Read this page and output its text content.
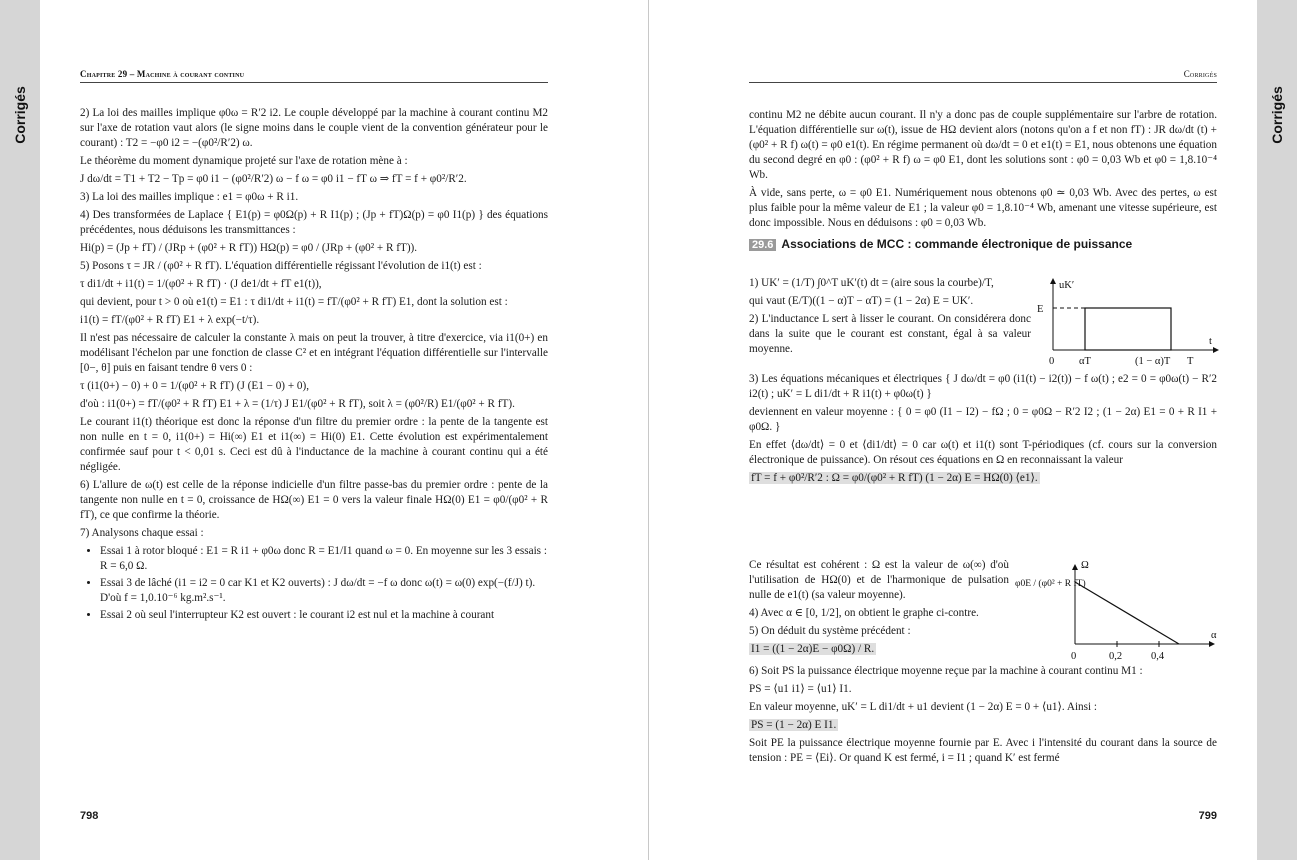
Corrigés
Chapitre 29 – Machine à courant continu

2) La loi des mailles implique φ0ω = R′2 i2. Le couple développé par la machine à courant continu M2 sur l'axe de rotation vaut alors (le signe moins dans le couple vient de la convention générateur pour le courant) : T2 = −φ0 i2 = −(φ0²/R′2) ω.

Le théorème du moment dynamique projeté sur l'axe de rotation mène à :

J dω/dt = T1 + T2 − Tp = φ0 i1 − (φ0²/R′2) ω − f ω = φ0 i1 − fT ω ⇒ fT = f + φ0²/R′2.

3) La loi des mailles implique : e1 = φ0ω + R i1.

4) Des transformées de Laplace { E1(p) = φ0Ω(p) + R I1(p) ; (Jp + fT)Ω(p) = φ0 I1(p) } des équations précédentes, nous déduisons les transmittances :

Hi(p) = (Jp + fT) / (JRp + (φ0² + R fT)) HΩ(p) = φ0 / (JRp + (φ0² + R fT)).

5) Posons τ = JR / (φ0² + R fT). L'équation différentielle régissant l'évolution de i1(t) est :

τ di1/dt + i1(t) = 1/(φ0² + R fT) · (J de1/dt + fT e1(t)),

qui devient, pour t > 0 où e1(t) = E1 : τ di1/dt + i1(t) = fT/(φ0² + R fT) E1, dont la solution est :

i1(t) = fT/(φ0² + R fT) E1 + λ exp(−t/τ).

Il n'est pas nécessaire de calculer la constante λ mais on peut la trouver, à titre d'exercice, via i1(0+) en modélisant l'échelon par une fonction de classe C² et en intégrant l'équation différentielle sur l'intervalle [0−, θ] puis en faisant tendre θ vers 0 :

τ (i1(0+) − 0) + 0 = 1/(φ0² + R fT) (J (E1 − 0) + 0),

d'où : i1(0+) = fT/(φ0² + R fT) E1 + λ = (1/τ) J E1/(φ0² + R fT), soit λ = (φ0²/R) E1/(φ0² + R fT).

Le courant i1(t) théorique est donc la réponse d'un filtre du premier ordre : la pente de la tangente est non nulle en t = 0, i1(0+) = Hi(∞) E1 et i1(∞) = Hi(0) E1. Cette évolution est expérimentalement confirmée sauf pour t < 0,01 s. Ceci est dû à l'inductance de la machine à courant continu qui a été négligée.

6) L'allure de ω(t) est celle de la réponse indicielle d'un filtre passe-bas du premier ordre : pente de la tangente non nulle en t = 0, croissance de HΩ(∞) E1 = 0 vers la valeur finale HΩ(0) E1 = φ0/(φ0² + R fT), ce que confirme la théorie.

7) Analysons chaque essai :

• Essai 1 à rotor bloqué : E1 = R i1 + φ0ω donc R = E1/I1 quand ω = 0. En moyenne sur les 3 essais : R = 6,0 Ω.
• Essai 3 de lâché (i1 = i2 = 0 car K1 et K2 ouverts) : J dω/dt = −f ω donc ω(t) = ω(0) exp(−(f/J) t). D'où f = 1,0.10⁻⁶ kg.m².s⁻¹.
• Essai 2 où seul l'interrupteur K2 est ouvert : le courant i2 est nul et la machine à courant
798
Corrigés
Corrigés

continu M2 ne débite aucun courant. Il n'y a donc pas de couple supplémentaire sur l'arbre de rotation. L'équation différentielle sur ω(t), issue de HΩ devient alors (notons qu'on a f et non fT) : JR dω/dt (t) + (φ0² + R f) ω(t) = φ0 e1(t). En régime permanent où dω/dt = 0 et e1(t) = E1, nous obtenons une équation du second degré en φ0 : (φ0² + R f) ω = φ0 E1, dont les solutions sont : φ0 = 0,03 Wb et φ0 = 1,8.10⁻⁴ Wb.

À vide, sans perte, ω = φ0 E1. Numériquement nous obtenons φ0 ≃ 0,03 Wb. Avec des pertes, ω est plus faible pour la même valeur de E1 ; la valeur φ0 = 1,8.10⁻⁴ Wb, amenant une vitesse supérieure, est donc impossible. Nous en déduisons : φ0 = 0,03 Wb.

29.6 Associations de MCC : commande électronique de puissance

1) UK′ = (1/T) ∫0^T uK′(t) dt = (aire sous la courbe)/T,

qui vaut (E/T)((1 − α)T − αT) = (1 − 2α) E = UK′.

2) L'inductance L sert à lisser le courant. On considérera donc dans la suite que le courant est constant, égal à sa valeur moyenne.

uK′
E
t
0 αT	(1 − α)T T

3) Les équations mécaniques et électriques { J dω/dt = φ0 (i1(t) − i2(t)) − f ω(t) ; e2 = 0 = φ0ω(t) − R′2 i2(t) ; uK′ = L di1/dt + R i1(t) + φ0ω(t) }

deviennent en valeur moyenne : { 0 = φ0 (I1 − I2) − fΩ ; 0 = φ0Ω − R′2 I2 ; (1 − 2α) E1 = 0 + R I1 + φ0Ω. }

En effet ⟨dω/dt⟩ = 0 et ⟨di1/dt⟩ = 0 car ω(t) et i1(t) sont T-périodiques (cf. cours sur la conversion électronique de puissance). On résout ces équations en Ω en reconnaissant la valeur

fT = f + φ0²/R′2 : Ω = φ0/(φ0² + R fT) (1 − 2α) E = HΩ(0) ⟨e1⟩.

Ce résultat est cohérent : Ω est la valeur de ω(∞) d'où l'utilisation de HΩ(0) et de l'harmonique de pulsation nulle de e1(t) (sa valeur moyenne).

4) Avec α ∈ [0, 1/2], on obtient le graphe ci-contre.

5) On déduit du système précédent :

I1 = ((1 − 2α)E − φ0Ω) / R.

Ω
φ0E / (φ0² + R fT)
α
0	0,2	0,4

6) Soit PS la puissance électrique moyenne reçue par la machine à courant continu M1 :

PS = ⟨u1 i1⟩ = ⟨u1⟩ I1.

En valeur moyenne, uK′ = L di1/dt + u1 devient (1 − 2α) E = 0 + ⟨u1⟩. Ainsi :

PS = (1 − 2α) E I1.

Soit PE la puissance électrique moyenne fournie par E. Avec i l'intensité du courant dans la source de tension : PE = ⟨Ei⟩. Or quand K est fermé, i = I1 ; quand K′ est fermé

799
